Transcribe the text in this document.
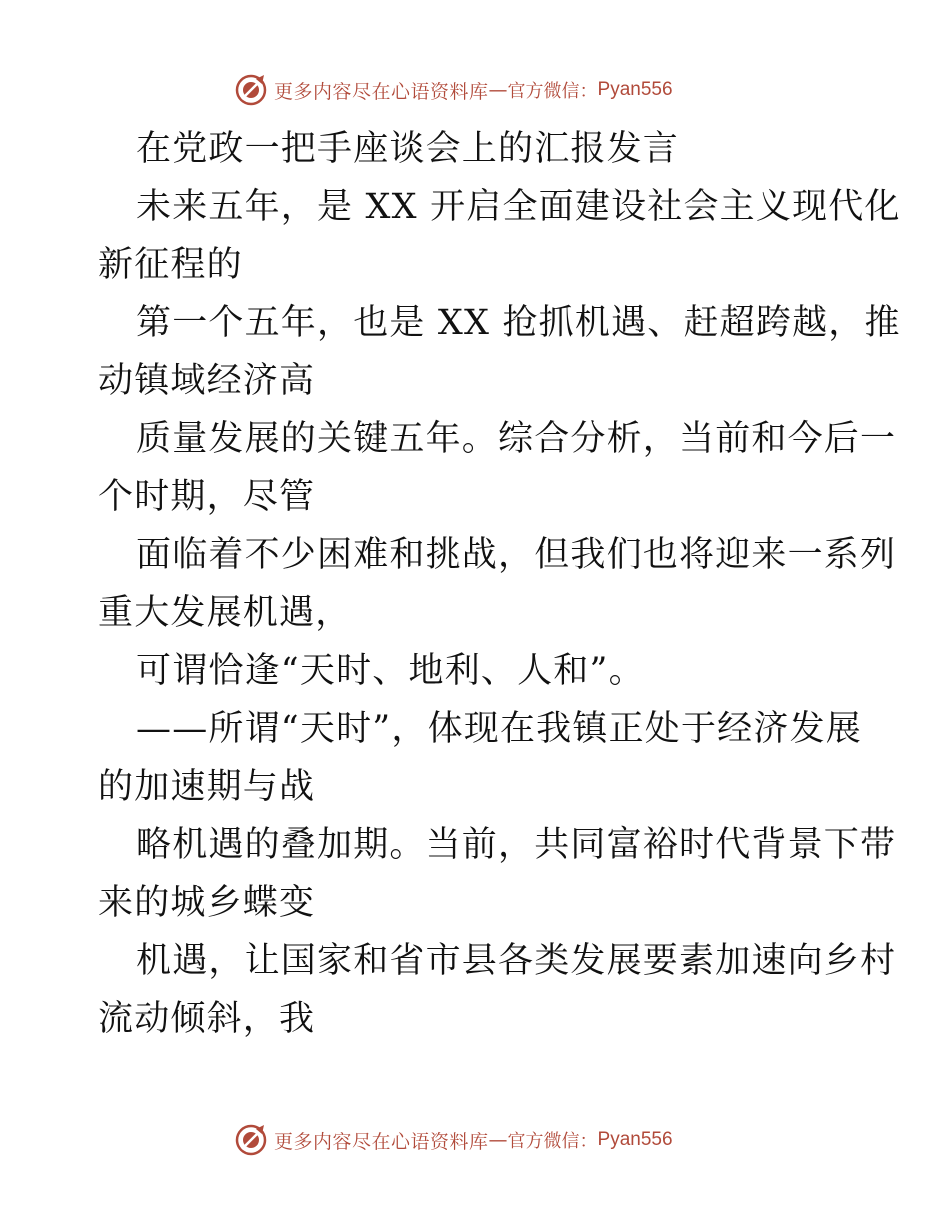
更多内容尽在心语资料库 — 官方微信： Pyan556
在党政一把手座谈会上的汇报发言
未来五年，是 XX 开启全面建设社会主义现代化
新征程的
第一个五年，也是 XX 抢抓机遇、赶超跨越，推
动镇域经济高
质量发展的关键五年。综合分析，当前和今后一
个时期，尽管
面临着不少困难和挑战，但我们也将迎来一系列
重大发展机遇，
可谓恰逢“天时、地利、人和”。
——所谓“天时”，体现在我镇正处于经济发展
的加速期与战
略机遇的叠加期。当前，共同富裕时代背景下带
来的城乡蝶变
机遇，让国家和省市县各类发展要素加速向乡村
流动倾斜，我
更多内容尽在心语资料库 — 官方微信： Pyan556
